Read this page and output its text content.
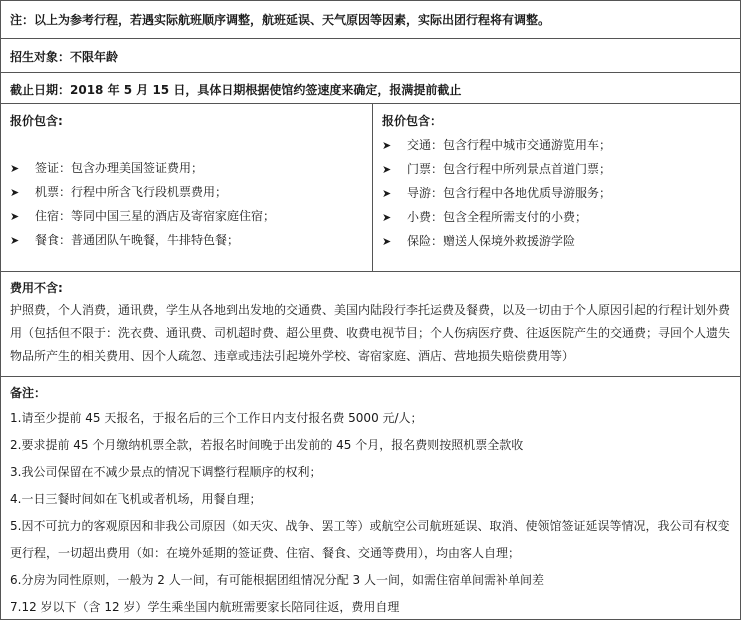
注：以上为参考行程，若遇实际航班顺序调整，航班延误、天气原因等因素，实际出团行程将有调整。
招生对象：不限年龄
截止日期：2018 年 5 月 15 日，具体日期根据使馆约签速度来确定，报满提前截止
报价包含:
➤ 签证：包含办理美国签证费用；
➤ 机票：行程中所含飞行段机票费用；
➤ 住宿：等同中国三星的酒店及寄宿家庭住宿；
➤ 餐食：普通团队午晚餐，牛排特色餐；
报价包含：
➤ 交通：包含行程中城市交通游览用车；
➤ 门票：包含行程中所列景点首道门票；
➤ 导游：包含行程中各地优质导游服务；
➤ 小费：包含全程所需支付的小费；
➤ 保险：赠送人保境外救援游学险
费用不含:
护照费，个人消费，通讯费，学生从各地到出发地的交通费、美国内陆段行李托运费及餐费，以及一切由于个人原因引起的行程计划外费
用（包括但不限于：洗衣费、通讯费、司机超时费、超公里费、收费电视节目；个人伤病医疗费、往返医院产生的交通费；寻回个人遗失
物品所产生的相关费用、因个人疏忽、违章或违法引起境外学校、寄宿家庭、酒店、营地损失赔偿费用等）
备注：
1.请至少提前 45 天报名，于报名后的三个工作日内支付报名费 5000 元/人；
2.要求提前 45 个月缴纳机票全款，若报名时间晚于出发前的 45 个月，报名费则按照机票全款收
3.我公司保留在不减少景点的情况下调整行程顺序的权利；
4.一日三餐时间如在飞机或者机场，用餐自理；
5.因不可抗力的客观原因和非我公司原因（如天灾、战争、罢工等）或航空公司航班延误、取消、使领馆签证延误等情况，我公司有权变
更行程，一切超出费用（如：在境外延期的签证费、住宿、餐食、交通等费用），均由客人自理；
6.分房为同性原则，一般为 2 人一间，有可能根据团组情况分配 3 人一间，如需住宿单间需补单间差
7.12 岁以下（含 12 岁）学生乘坐国内航班需要家长陪同往返，费用自理
